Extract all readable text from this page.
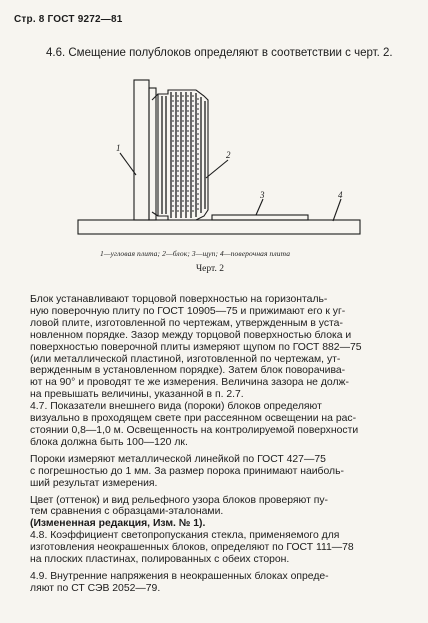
Стр. 8 ГОСТ 9272—81
4.6. Смещение полублоков определяют в соответствии с черт. 2.
1
2
3	4
1—угловая плита; 2—блок; 3—щуп; 4—поверочная плита
Черт. 2

Блок устанавливают торцовой поверхностью на горизонталь-

ную поверочную плиту по ГОСТ 10905—75 и прижимают его к уг-

ловой плите, изготовленной по чертежам, утвержденным в уста-

новленном порядке. Зазор между торцовой поверхностью блока и

поверхностью поверочной плиты измеряют щупом по ГОСТ 882—75

(или металлической пластиной, изготовленной по чертежам, ут-

вержденным в установленном порядке). Затем блок поворачива-

ют на 90° и проводят те же измерения. Величина зазора не долж-

на превышать величины, указанной в п. 2.7.

4.7. Показатели внешнего вида (пороки) блоков определяют

визуально в проходящем свете при рассеянном освещении на рас-

стоянии 0,8—1,0 м. Освещенность на контролируемой поверхности

блока должна быть 100—120 лк.

Пороки измеряют металлической линейкой по ГОСТ 427—75

с погрешностью до 1 мм. За размер порока принимают наиболь-

ший результат измерения.

Цвет (оттенок) и вид рельефного узора блоков проверяют пу-

тем сравнения с образцами-эталонами.

(Измененная редакция, Изм. № 1).

4.8. Коэффициент светопропускания стекла, применяемого для

изготовления неокрашенных блоков, определяют по ГОСТ 111—78

на плоских пластинах, полированных с обеих сторон.

4.9. Внутренние напряжения в неокрашенных блоках опреде-

ляют по СТ СЭВ 2052—79.
